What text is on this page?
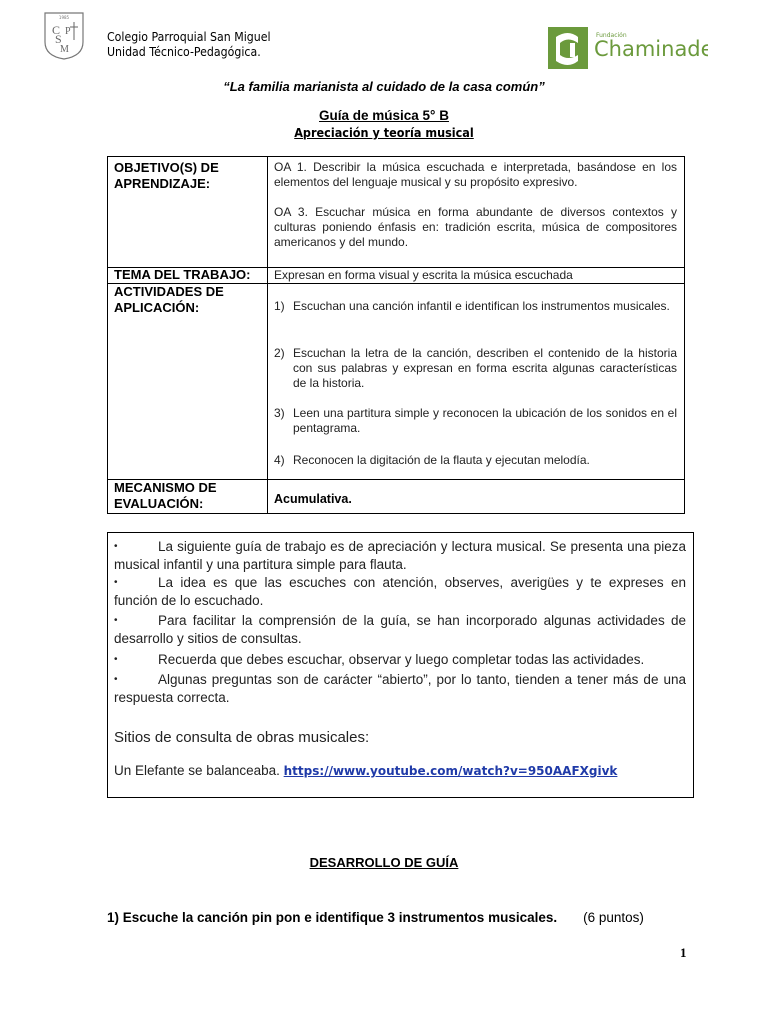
1985
C
S
M
P	Colegio Parroquial San Miguel
Unidad Técnico-Pedagógica.
Fundación
Chaminade
“La familia marianista al cuidado de la casa común”
Guía de música 5° B
Apreciación y teoría musical
OBJETIVO(S) DE
APRENDIZAJE:
OA 1. Describir la música escuchada e interpretada, basándose en los elementos del lenguaje musical y su propósito expresivo.
OA 3. Escuchar música en forma abundante de diversos contextos y culturas poniendo énfasis en: tradición escrita, música de compositores americanos y del mundo.
TEMA DEL TRABAJO: Expresan en forma visual y escrita la música escuchada
ACTIVIDADES DE
APLICACIÓN:	1) Escuchan una canción infantil e identifican los instrumentos musicales.
2) Escuchan la letra de la canción, describen el contenido de la historia con sus palabras y expresan en forma escrita algunas características de la historia.
3) Leen una partitura simple y reconocen la ubicación de los sonidos en el pentagrama.
4) Reconocen la digitación de la flauta y ejecutan melodía.
MECANISMO DE
EVALUACIÓN:	Acumulativa.
•	La siguiente guía de trabajo es de apreciación y lectura musical. Se presenta una pieza musical infantil y una partitura simple para flauta.
•	La idea es que las escuches con atención, observes, averigües y te expreses en función de lo escuchado.
•	Para facilitar la comprensión de la guía, se han incorporado algunas actividades de desarrollo y sitios de consultas.
•	Recuerda que debes escuchar, observar y luego completar todas las actividades.
•	Algunas preguntas son de carácter “abierto”, por lo tanto, tienden a tener más de una respuesta correcta.
Sitios de consulta de obras musicales:
Un Elefante se balanceaba. https://www.youtube.com/watch?v=950AAFXgivk
DESARROLLO DE GUÍA
1) Escuche la canción pin pon e identifique 3 instrumentos musicales. (6 puntos)
1
